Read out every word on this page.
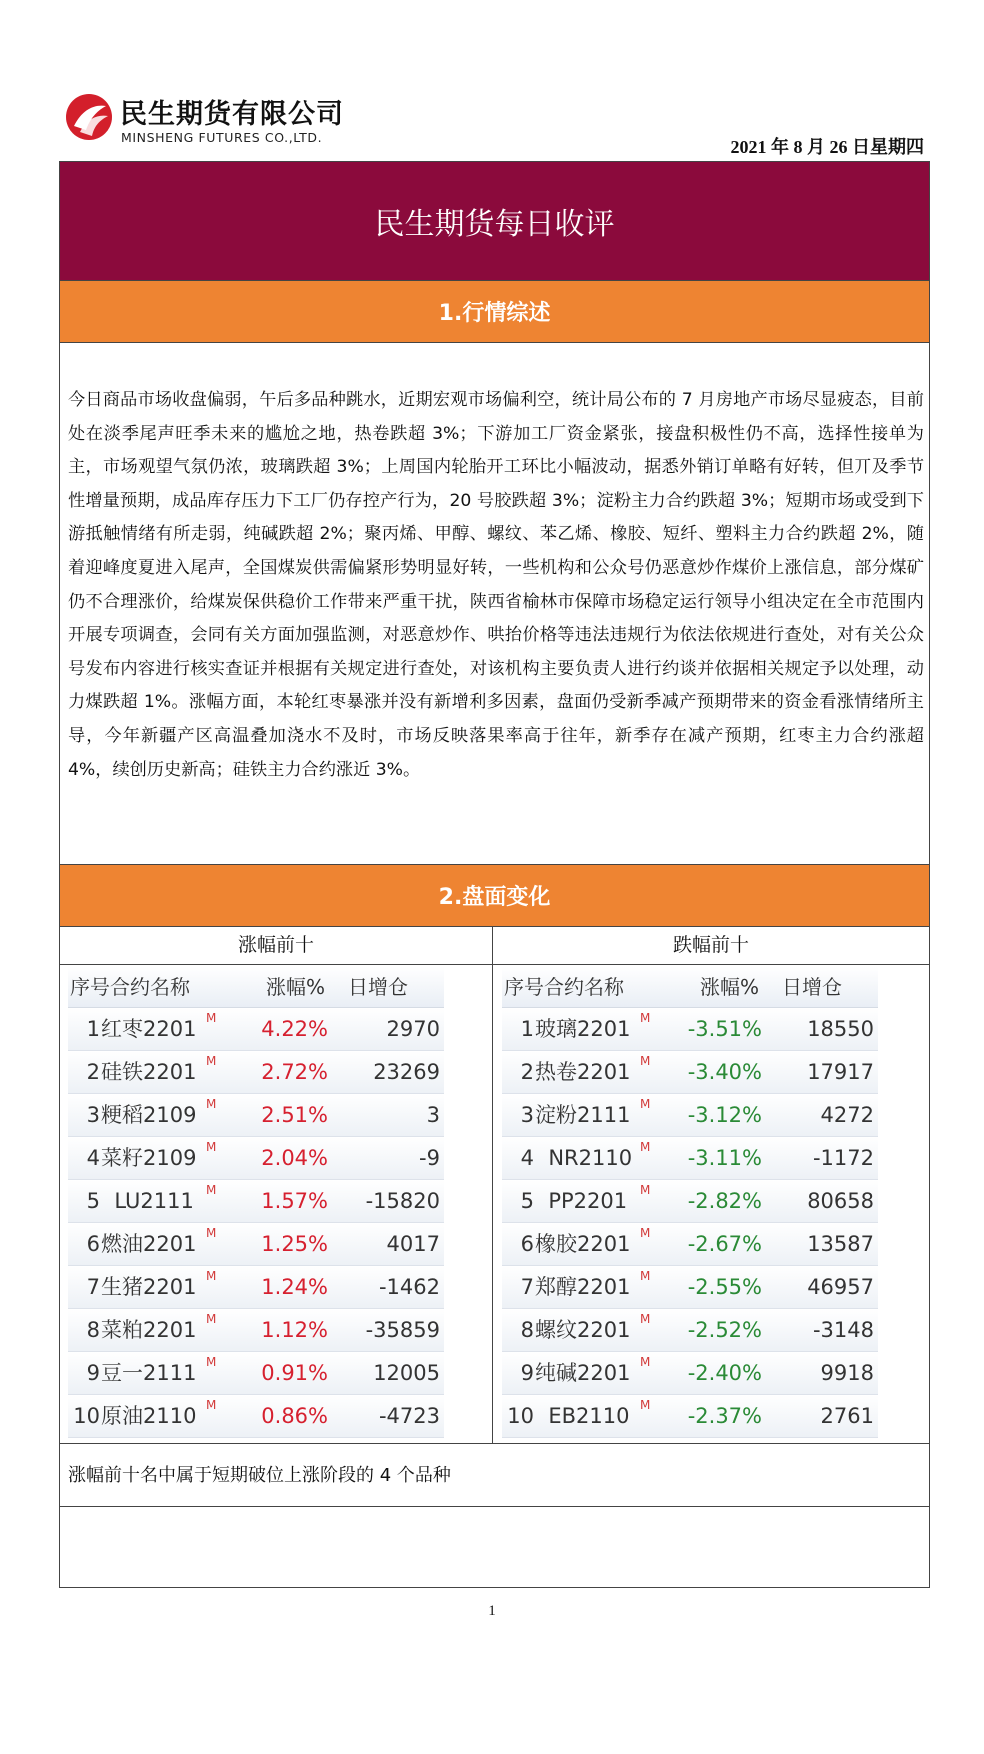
民生期货有限公司
MINSHENG FUTURES CO.,LTD.	2021 年 8 月 26 日星期四
民生期货每日收评
1.行情综述

今日商品市场收盘偏弱，午后多品种跳水，近期宏观市场偏利空，统计局公布的 7 月房地产市场尽显疲态，目前处在淡季尾声旺季未来的尴尬之地，热卷跌超 3%；下游加工厂资金紧张，接盘积极性仍不高，选择性接单为主，市场观望气氛仍浓，玻璃跌超 3%；上周国内轮胎开工环比小幅波动，据悉外销订单略有好转，但丌及季节性增量预期，成品库存压力下工厂仍存控产行为，20 号胶跌超 3%；淀粉主力合约跌超 3%；短期市场或受到下游抵触情绪有所走弱，纯碱跌超 2%；聚丙烯、甲醇、螺纹、苯乙烯、橡胶、短纤、塑料主力合约跌超 2%，随着迎峰度夏进入尾声，全国煤炭供需偏紧形势明显好转，一些机构和公众号仍恶意炒作煤价上涨信息，部分煤矿仍不合理涨价，给煤炭保供稳价工作带来严重干扰，陕西省榆林市保障市场稳定运行领导小组决定在全市范围内开展专项调查，会同有关方面加强监测，对恶意炒作、哄抬价格等违法违规行为依法依规进行查处，对有关公众号发布内容进行核实查证并根据有关规定进行查处，对该机构主要负责人进行约谈并依据相关规定予以处理，动力煤跌超 1%。涨幅方面，本轮红枣暴涨并没有新增利多因素，盘面仍受新季减产预期带来的资金看涨情绪所主导，今年新疆产区高温叠加浇水不及时，市场反映落果率高于往年，新季存在减产预期，红枣主力合约涨超 4%，续创历史新高；硅铁主力合约涨近 3%。

2.盘面变化
涨幅前十	跌幅前十
序号合约名称	涨幅% 日增仓
1 红枣2201 M	4.22%	2970
2 硅铁2201 M	2.72%	23269
3 粳稻2109 M	2.51%	3
4 菜籽2109 M	2.04%	-9
5 LU2111 M	1.57%	-15820
6 燃油2201 M	1.25%	4017
7 生猪2201 M	1.24%	-1462
8 菜粕2201 M	1.12%	-35859
9 豆一2111 M	0.91%	12005
10 原油2110 M	0.86%	-4723
序号合约名称	涨幅% 日增仓
1 玻璃2201 M	-3.51%	18550
2 热卷2201 M	-3.40%	17917
3 淀粉2111 M	-3.12%	4272
4 NR2110 M	-3.11%	-1172
5 PP2201 M	-2.82%	80658
6 橡胶2201 M	-2.67%	13587
7 郑醇2201 M	-2.55%	46957
8 螺纹2201 M	-2.52%	-3148
9 纯碱2201 M	-2.40%	9918
10 EB2110 M	-2.37%	2761
涨幅前十名中属于短期破位上涨阶段的 4 个品种
1
